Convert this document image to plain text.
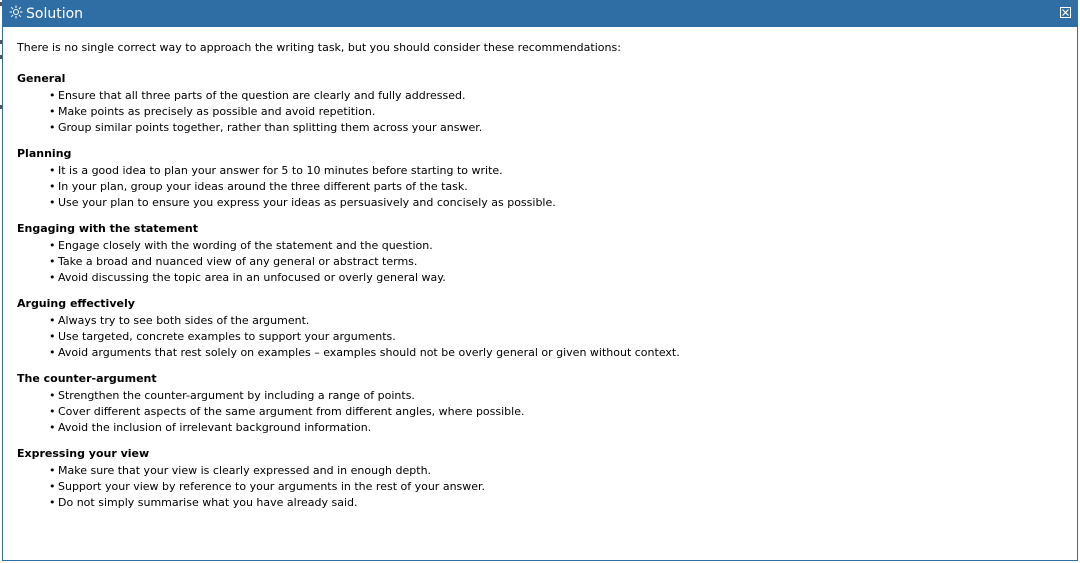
Solution

There is no single correct way to approach the writing task, but you should consider these recommendations:

General

• Ensure that all three parts of the question are clearly and fully addressed.
• Make points as precisely as possible and avoid repetition.
• Group similar points together, rather than splitting them across your answer.

Planning

• It is a good idea to plan your answer for 5 to 10 minutes before starting to write.
• In your plan, group your ideas around the three different parts of the task.
• Use your plan to ensure you express your ideas as persuasively and concisely as possible.

Engaging with the statement

• Engage closely with the wording of the statement and the question.
• Take a broad and nuanced view of any general or abstract terms.
• Avoid discussing the topic area in an unfocused or overly general way.

Arguing effectively

• Always try to see both sides of the argument.
• Use targeted, concrete examples to support your arguments.
• Avoid arguments that rest solely on examples – examples should not be overly general or given without context.

The counter-argument

• Strengthen the counter-argument by including a range of points.
• Cover different aspects of the same argument from different angles, where possible.
• Avoid the inclusion of irrelevant background information.

Expressing your view

• Make sure that your view is clearly expressed and in enough depth.
• Support your view by reference to your arguments in the rest of your answer.
• Do not simply summarise what you have already said.
